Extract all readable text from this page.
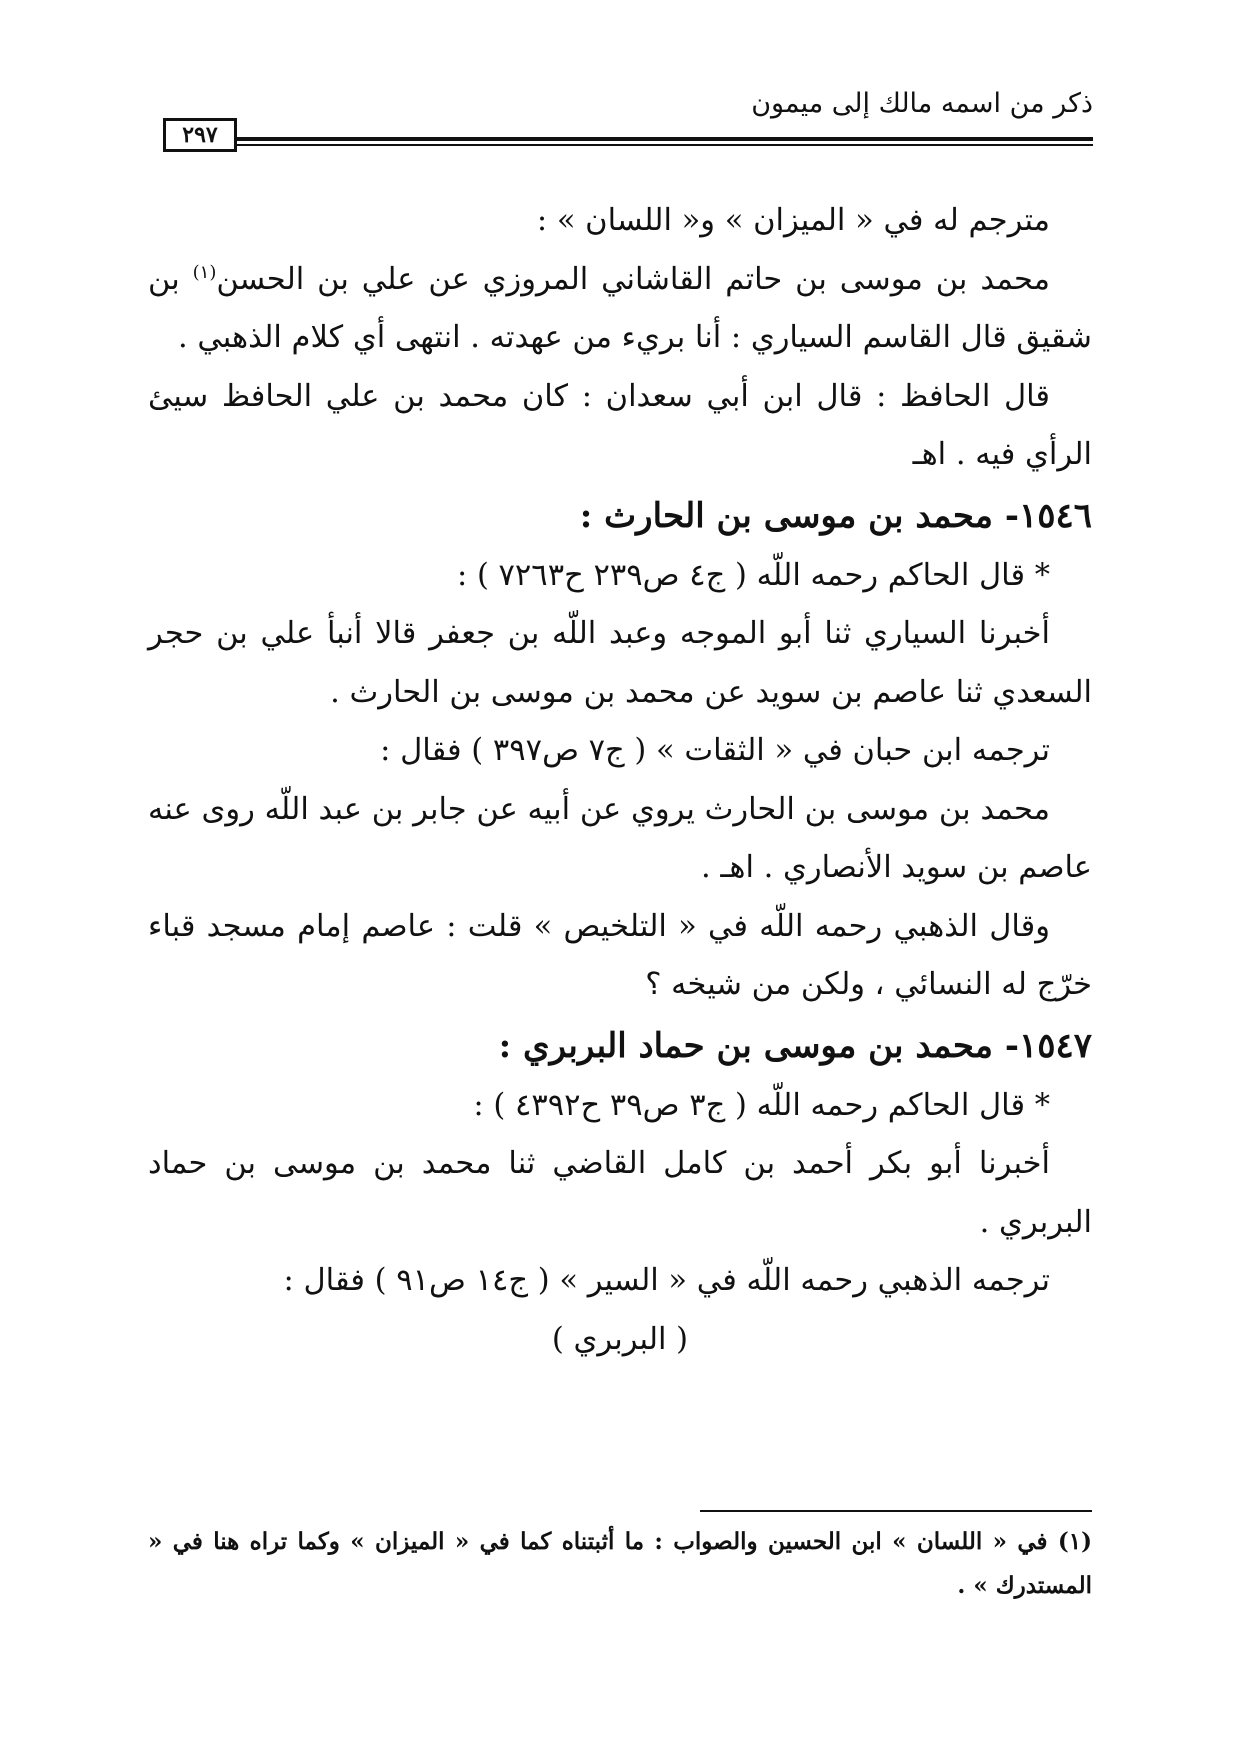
ذكر من اسمه مالك إلى ميمون
٢٩٧

مترجم له في « الميزان » و« اللسان » :

محمد بن موسى بن حاتم القاشاني المروزي عن علي بن الحسن$^{(١)}$ بن شقيق قال القاسم السياري : أنا بريء من عهدته . انتهى أي كلام الذهبي .

قال الحافظ : قال ابن أبي سعدان : كان محمد بن علي الحافظ سيئ الرأي فيه . اهـ

١٥٤٦- محمد بن موسى بن الحارث :

* قال الحاكم رحمه اللّه ( ج٤ ص٢٣٩ ح٧٢٦٣ ) :

أخبرنا السياري ثنا أبو الموجه وعبد اللّه بن جعفر قالا أنبأ علي بن حجر السعدي ثنا عاصم بن سويد عن محمد بن موسى بن الحارث .

ترجمه ابن حبان في « الثقات » ( ج٧ ص٣٩٧ ) فقال :

محمد بن موسى بن الحارث يروي عن أبيه عن جابر بن عبد اللّه روى عنه عاصم بن سويد الأنصاري . اهـ .

وقال الذهبي رحمه اللّه في « التلخيص » قلت : عاصم إمام مسجد قباء خرّج له النسائي ، ولكن من شيخه ؟

١٥٤٧- محمد بن موسى بن حماد البربري :

* قال الحاكم رحمه اللّه ( ج٣ ص٣٩ ح٤٣٩٢ ) :

أخبرنا أبو بكر أحمد بن كامل القاضي ثنا محمد بن موسى بن حماد البربري .

ترجمه الذهبي رحمه اللّه في « السير » ( ج١٤ ص٩١ ) فقال :

( البربري )

(١) في « اللسان » ابن الحسين والصواب : ما أثبتناه كما في « الميزان » وكما تراه هنا في « المستدرك » .
